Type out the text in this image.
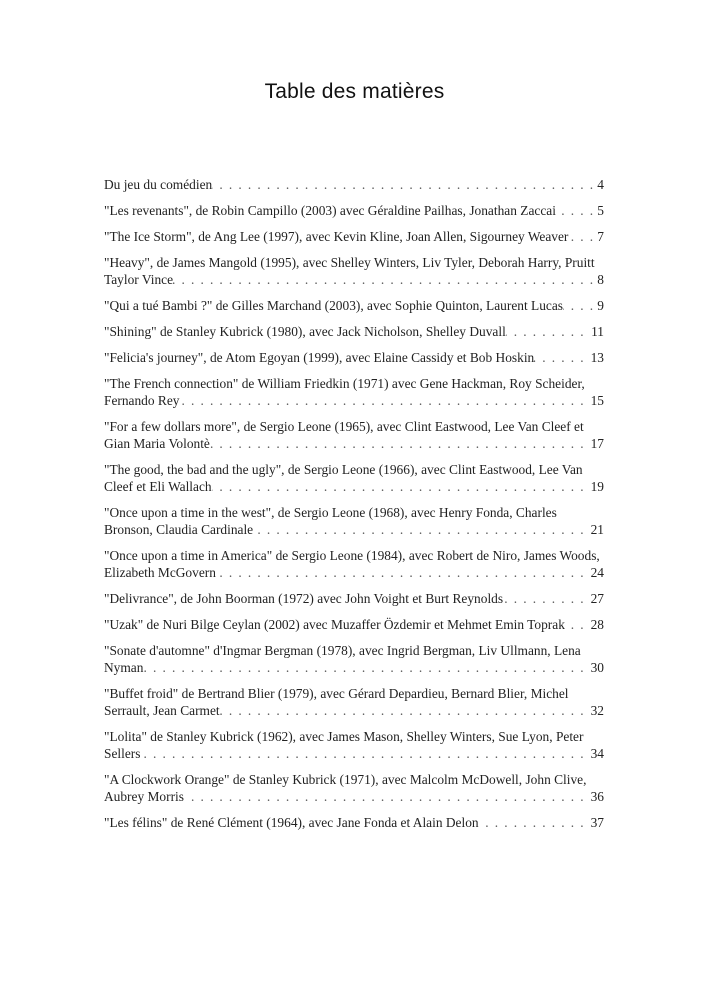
Table des matières
Du jeu du comédien	4
. . .
"Les revenants", de Robin Campillo (2003) avec Géraldine Pailhas, Jonathan Zaccai	5
. . .
"The Ice Storm", de Ang Lee (1997), avec Kevin Kline, Joan Allen, Sigourney Weaver 7
. . .
"Heavy", de James Mangold (1995), avec Shelley Winters, Liv Tyler, Deborah Harry, Pruitt Taylor Vince	8
. . .
"Qui a tué Bambi ?" de Gilles Marchand (2003), avec Sophie Quinton, Laurent Lucas	9
. . .
"Shining" de Stanley Kubrick (1980), avec Jack Nicholson, Shelley Duvall	11
. . .
"Felicia's journey", de Atom Egoyan (1999), avec Elaine Cassidy et Bob Hoskin	13
. . .
"The French connection" de William Friedkin (1971) avec Gene Hackman, Roy Scheider, Fernando Rey	15
. . .
"For a few dollars more", de Sergio Leone (1965), avec Clint Eastwood, Lee Van Cleef et Gian Maria Volontè	17
. . .
"The good, the bad and the ugly", de Sergio Leone (1966), avec Clint Eastwood, Lee Van Cleef et Eli Wallach	19
. . .
"Once upon a time in the west", de Sergio Leone (1968), avec Henry Fonda, Charles Bronson, Claudia Cardinale	21
. . .
"Once upon a time in America" de Sergio Leone (1984), avec Robert de Niro, James Woods, Elizabeth McGovern	24
. . .
"Delivrance", de John Boorman (1972) avec John Voight et Burt Reynolds	27
. . .
"Uzak" de Nuri Bilge Ceylan (2002) avec Muzaffer Özdemir et Mehmet Emin Toprak 28
. . .
"Sonate d'automne" d'Ingmar Bergman (1978), avec Ingrid Bergman, Liv Ullmann, Lena Nyman	30
. . .
"Buffet froid" de Bertrand Blier (1979), avec Gérard Depardieu, Bernard Blier, Michel Serrault, Jean Carmet	32
. . .
"Lolita" de Stanley Kubrick (1962), avec James Mason, Shelley Winters, Sue Lyon, Peter Sellers	34
. . .
"A Clockwork Orange" de Stanley Kubrick (1971), avec Malcolm McDowell, John Clive, Aubrey Morris	36
. . .
"Les félins" de René Clément (1964), avec Jane Fonda et Alain Delon	37
. . .
